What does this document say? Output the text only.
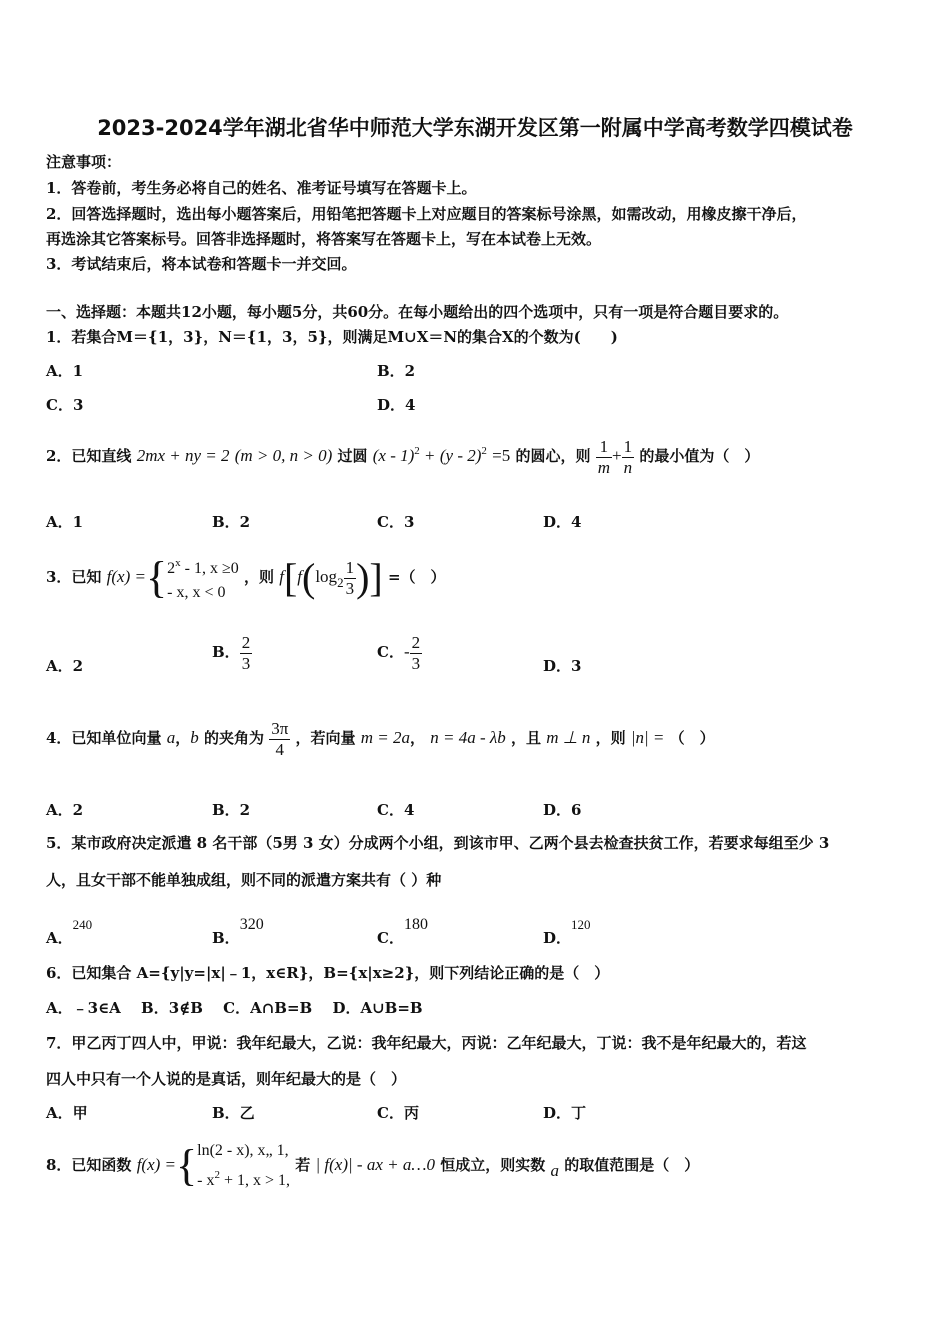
2023-2024学年湖北省华中师范大学东湖开发区第一附属中学高考数学四模试卷
注意事项：
1．答卷前，考生务必将自己的姓名、准考证号填写在答题卡上。
2．回答选择题时，选出每小题答案后，用铅笔把答题卡上对应题目的答案标号涂黑，如需改动，用橡皮擦干净后，
再选涂其它答案标号。回答非选择题时，将答案写在答题卡上，写在本试卷上无效。
3．考试结束后，将本试卷和答题卡一并交回。
一、选择题：本题共12小题，每小题5分，共60分。在每小题给出的四个选项中，只有一项是符合题目要求的。
1．若集合M＝{1，3}，N＝{1，3，5}，则满足M∪X＝N的集合X的个数为(　　)
A．1	B．2
C．3	D．4
2．已知直线 2mx + ny = 2 (m > 0, n > 0) 过圆 (x - 1)$^2$ + (y - 2)$^2$ =5 的圆心，则 $\frac{1}{m} + \frac{1}{n}$ 的最小值为（　）
A．1	B．2	C．3	D．4
3．已知 f(x) ={ 2$^x$ - 1, x ≥0
- x, x < 0
，则 $f[f(\log 2 \frac{1}{3}$ )] =（　）
A．2
B． $\frac{2}{3}$	C．- $\frac{2}{3}$	D．3
4．已知单位向量 a，b 的夹角为 $\frac{3\pi}{4}$ ，若向量 m = 2a， n = 4a - λb ，且 m ⊥ n ，则 |n| = （　）
A．2	B．2	C．4	D．6
5．某市政府决定派遣 8 名干部（5男 3 女）分成两个小组，到该市甲、乙两个县去检查扶贫工作，若要求每组至少 3
人，且女干部不能单独成组，则不同的派遣方案共有（ ）种
A．240
B．320
C．180
D．120
6．已知集合 A={y|y=|x|﹣1，x∈R}，B={x|x≥2}，则下列结论正确的是（　）
A．﹣3∈A　 B．3∉B　 C．A∩B=B　 D．A∪B=B
7．甲乙丙丁四人中，甲说：我年纪最大，乙说：我年纪最大，丙说：乙年纪最大，丁说：我不是年纪最大的，若这
四人中只有一个人说的是真话，则年纪最大的是（　）
A．甲	B．乙	C．丙	D．丁
8．已知函数 f(x) ={ ln(2 - x), x„ 1,
- $x^2 + 1$, x > 1,
若 | f(x)| - ax + a…0 恒成立，则实数 a 的取值范围是（　）
